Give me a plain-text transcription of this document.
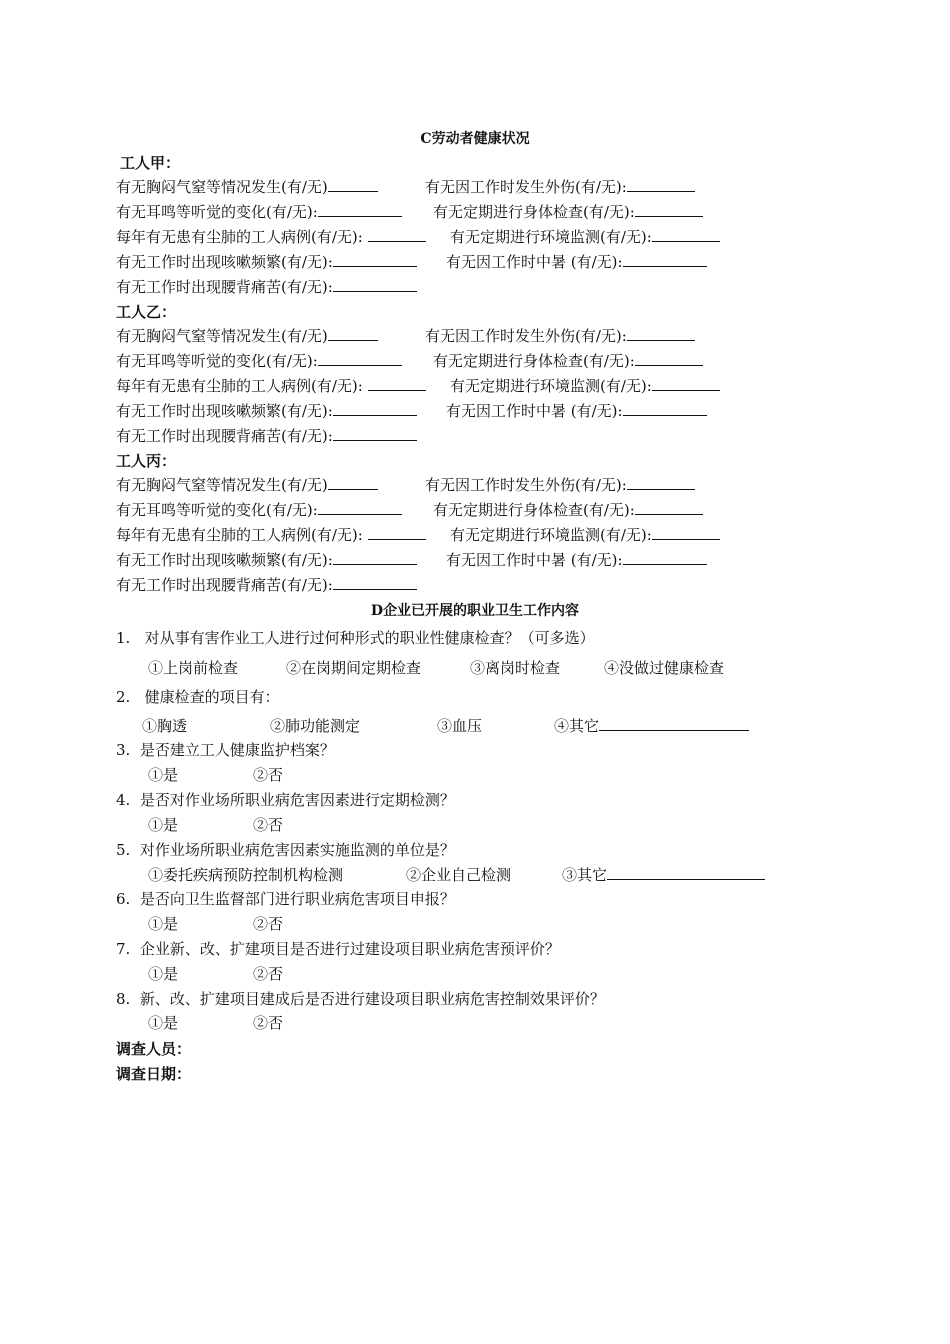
C劳动者健康状况
工人甲：
有无胸闷气窒等情况发生(有/无)	有无因工作时发生外伤(有/无):
有无耳鸣等听觉的变化(有/无):	有无定期进行身体检查(有/无):
每年有无患有尘肺的工人病例(有/无):	有无定期进行环境监测(有/无):
有无工作时出现咳嗽频繁(有/无):	有无因工作时中暑 (有/无):
有无工作时出现腰背痛苦(有/无):
工人乙：
有无胸闷气窒等情况发生(有/无)	有无因工作时发生外伤(有/无):
有无耳鸣等听觉的变化(有/无):	有无定期进行身体检查(有/无):
每年有无患有尘肺的工人病例(有/无):	有无定期进行环境监测(有/无):
有无工作时出现咳嗽频繁(有/无):	有无因工作时中暑 (有/无):
有无工作时出现腰背痛苦(有/无):
工人丙：
有无胸闷气窒等情况发生(有/无)	有无因工作时发生外伤(有/无):
有无耳鸣等听觉的变化(有/无):	有无定期进行身体检查(有/无):
每年有无患有尘肺的工人病例(有/无):	有无定期进行环境监测(有/无):
有无工作时出现咳嗽频繁(有/无):	有无因工作时中暑 (有/无):
有无工作时出现腰背痛苦(有/无):
D企业已开展的职业卫生工作内容
1. 对从事有害作业工人进行过何种形式的职业性健康检查？（可多选）
①上岗前检查	②在岗期间定期检查	③离岗时检查	④没做过健康检查
2. 健康检查的项目有：
①胸透	②肺功能测定	③血压	④其它
3. 是否建立工人健康监护档案？
①是	②否
4. 是否对作业场所职业病危害因素进行定期检测？
①是	②否
5. 对作业场所职业病危害因素实施监测的单位是？
①委托疾病预防控制机构检测	②企业自己检测	③其它
6. 是否向卫生监督部门进行职业病危害项目申报？
①是	②否
7. 企业新、改、扩建项目是否进行过建设项目职业病危害预评价？
①是	②否
8. 新、改、扩建项目建成后是否进行建设项目职业病危害控制效果评价？
①是	②否
调查人员：
调查日期：
